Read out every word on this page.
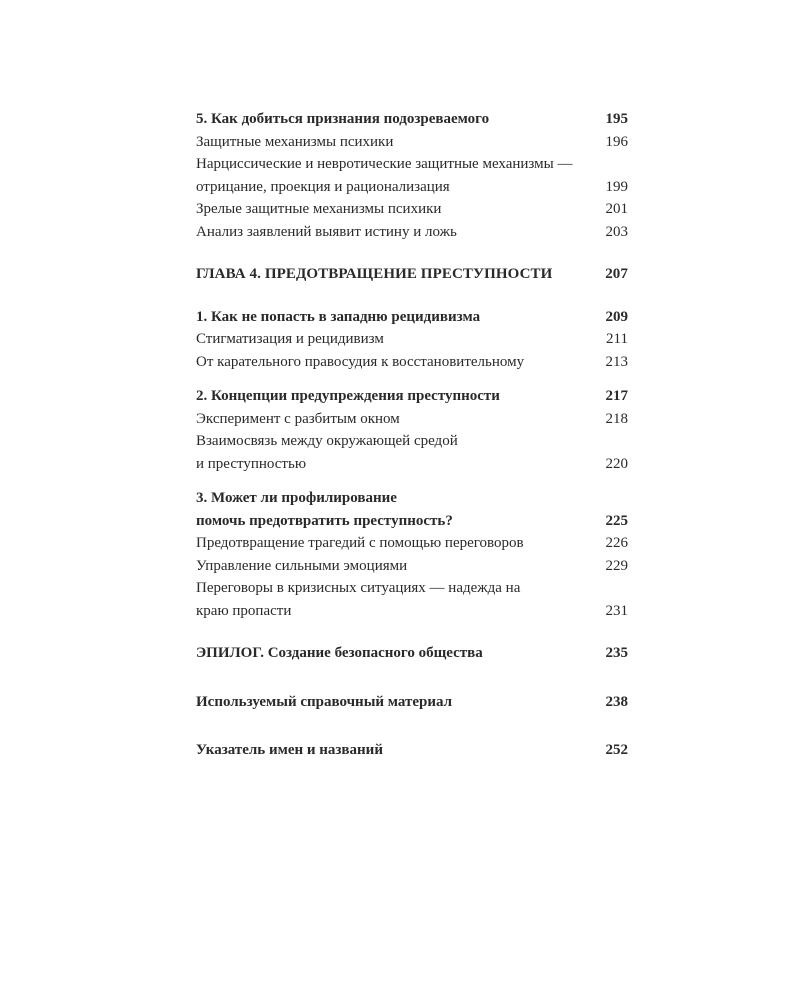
5. Как добиться признания подозреваемого	195
Защитные механизмы психики	196
Нарциссические и невротические защитные механизмы —
отрицание, проекция и рационализация	199
Зрелые защитные механизмы психики	201
Анализ заявлений выявит истину и ложь	203
ГЛАВА 4. ПРЕДОТВРАЩЕНИЕ ПРЕСТУПНОСТИ	207
1. Как не попасть в западню рецидивизма	209
Стигматизация и рецидивизм	211
От карательного правосудия к восстановительному	213
2. Концепции предупреждения преступности	217
Эксперимент с разбитым окном	218
Взаимосвязь между окружающей средой
и преступностью	220
3. Может ли профилирование
помочь предотвратить преступность?	225
Предотвращение трагедий с помощью переговоров	226
Управление сильными эмоциями	229
Переговоры в кризисных ситуациях — надежда на
краю пропасти	231
ЭПИЛОГ. Создание безопасного общества	235
Используемый справочный материал	238
Указатель имен и названий	252
